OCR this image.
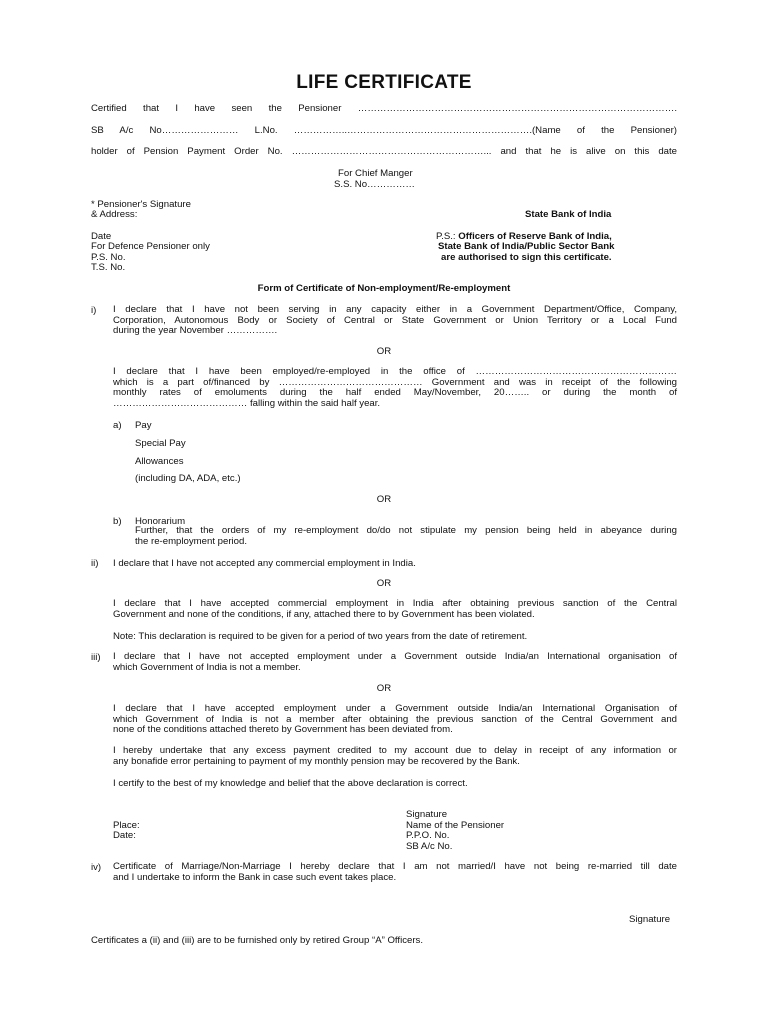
LIFE CERTIFICATE
Certified that I have seen the Pensioner ……………………………………………………………………………………….
SB A/c No…………………… L.No. ……………..………………………………………………….(Name of the Pensioner)
holder of Pension Payment Order No. ……………………………………………………... and that he is alive on this date
For Chief Manger
S.S. No……………
* Pensioner's Signature
& Address:	State Bank of India
Date
For Defence Pensioner only
P.S. No.
T.S. No.
P.S.: Officers of Reserve Bank of India,
State Bank of India/Public Sector Bank
are authorised to sign this certificate.
Form of Certificate of Non-employment/Re-employment
i) I declare that I have not been serving in any capacity either in a Government Department/Office, Company,
Corporation, Autonomous Body or Society of Central or State Government or Union Territory or a Local Fund
during the year November …………….
OR
I declare that I have been employed/re-employed in the office of ………………………………………………………
which is a part of/financed by ……………………………………… Government and was in receipt of the following
monthly rates of emoluments during the half ended May/November, 20…….. or during the month of
…………………………………… falling within the said half year.
a) Pay
Special Pay
Allowances
(including DA, ADA, etc.)
OR
b) Honorarium
Further, that the orders of my re-employment do/do not stipulate my pension being held in abeyance during
the re-employment period.
ii) I declare that I have not accepted any commercial employment in India.
OR
I declare that I have accepted commercial employment in India after obtaining previous sanction of the Central
Government and none of the conditions, if any, attached there to by Government has been violated.
Note: This declaration is required to be given for a period of two years from the date of retirement.
iii) I declare that I have not accepted employment under a Government outside India/an International organisation of
which Government of India is not a member.
OR
I declare that I have accepted employment under a Government outside India/an International Organisation of
which Government of India is not a member after obtaining the previous sanction of the Central Government and
none of the conditions attached thereto by Government has been deviated from.
I hereby undertake that any excess payment credited to my account due to delay in receipt of any information or
any bonafide error pertaining to payment of my monthly pension may be recovered by the Bank.
I certify to the best of my knowledge and belief that the above declaration is correct.
Signature
Place:	Name of the Pensioner
Date:	P.P.O. No.
SB A/c No.
iv) Certificate of Marriage/Non-Marriage I hereby declare that I am not married/I have not being re-married till date
and I undertake to inform the Bank in case such event takes place.
Signature
Certificates a (ii) and (iii) are to be furnished only by retired Group “A” Officers.
